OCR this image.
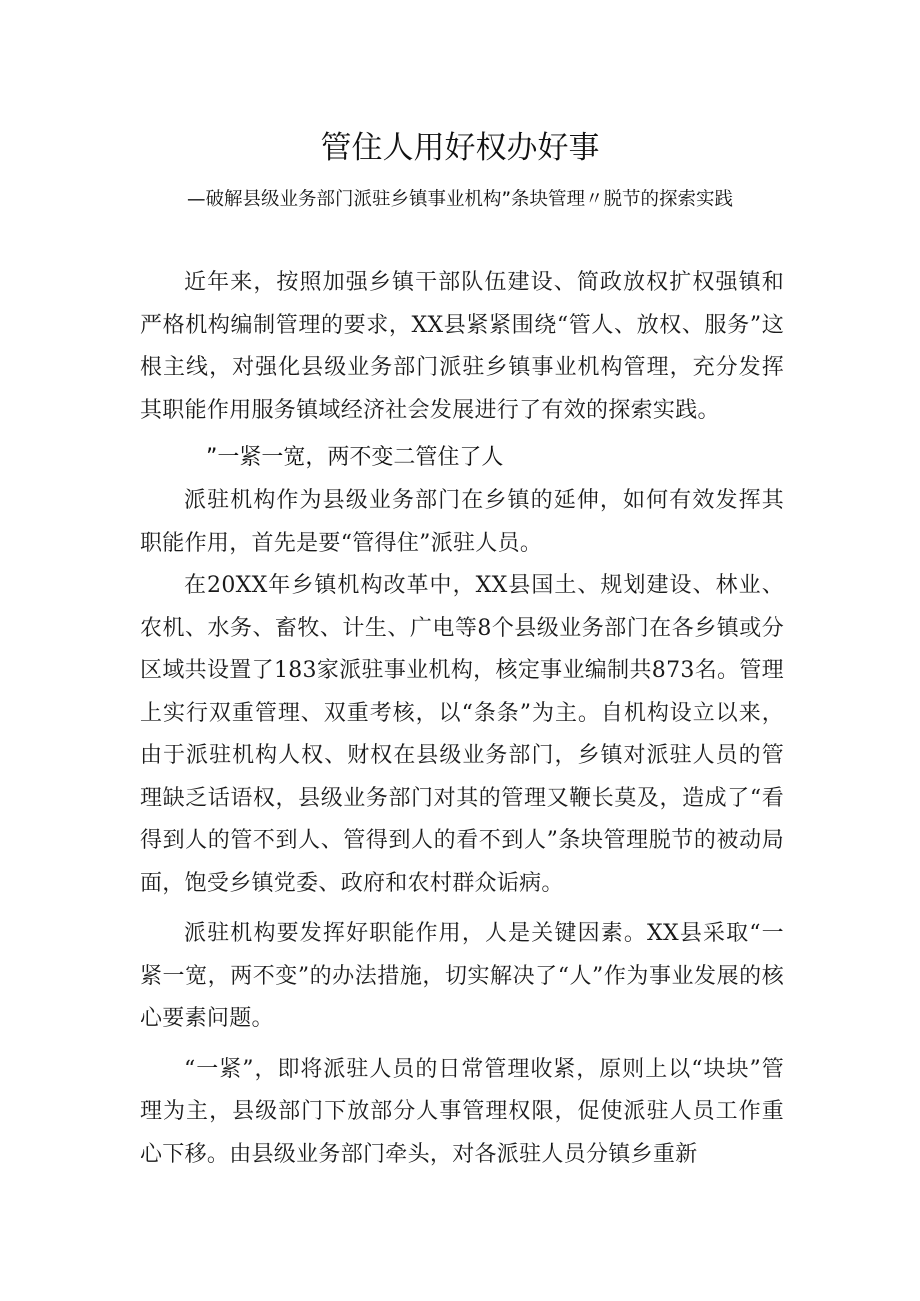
管住人用好权办好事
—破解县级业务部门派驻乡镇事业机构”条块管理〃脱节的探索实践

近年来，按照加强乡镇干部队伍建设、简政放权扩权强镇和严格机构编制管理的要求，XX县紧紧围绕“管人、放权、服务”这根主线，对强化县级业务部门派驻乡镇事业机构管理，充分发挥其职能作用服务镇域经济社会发展进行了有效的探索实践。

”一紧一宽，两不变二管住了人

派驻机构作为县级业务部门在乡镇的延伸，如何有效发挥其职能作用，首先是要“管得住”派驻人员。

在20XX年乡镇机构改革中，XX县国土、规划建设、林业、农机、水务、畜牧、计生、广电等8个县级业务部门在各乡镇或分区域共设置了183家派驻事业机构，核定事业编制共873名。管理上实行双重管理、双重考核，以“条条”为主。自机构设立以来，由于派驻机构人权、财权在县级业务部门，乡镇对派驻人员的管理缺乏话语权，县级业务部门对其的管理又鞭长莫及，造成了“看得到人的管不到人、管得到人的看不到人”条块管理脱节的被动局面，饱受乡镇党委、政府和农村群众诟病。

派驻机构要发挥好职能作用，人是关键因素。XX县采取“一紧一宽，两不变”的办法措施，切实解决了“人”作为事业发展的核心要素问题。

“一紧”，即将派驻人员的日常管理收紧，原则上以“块块”管理为主，县级部门下放部分人事管理权限，促使派驻人员工作重心下移。由县级业务部门牵头，对各派驻人员分镇乡重新
